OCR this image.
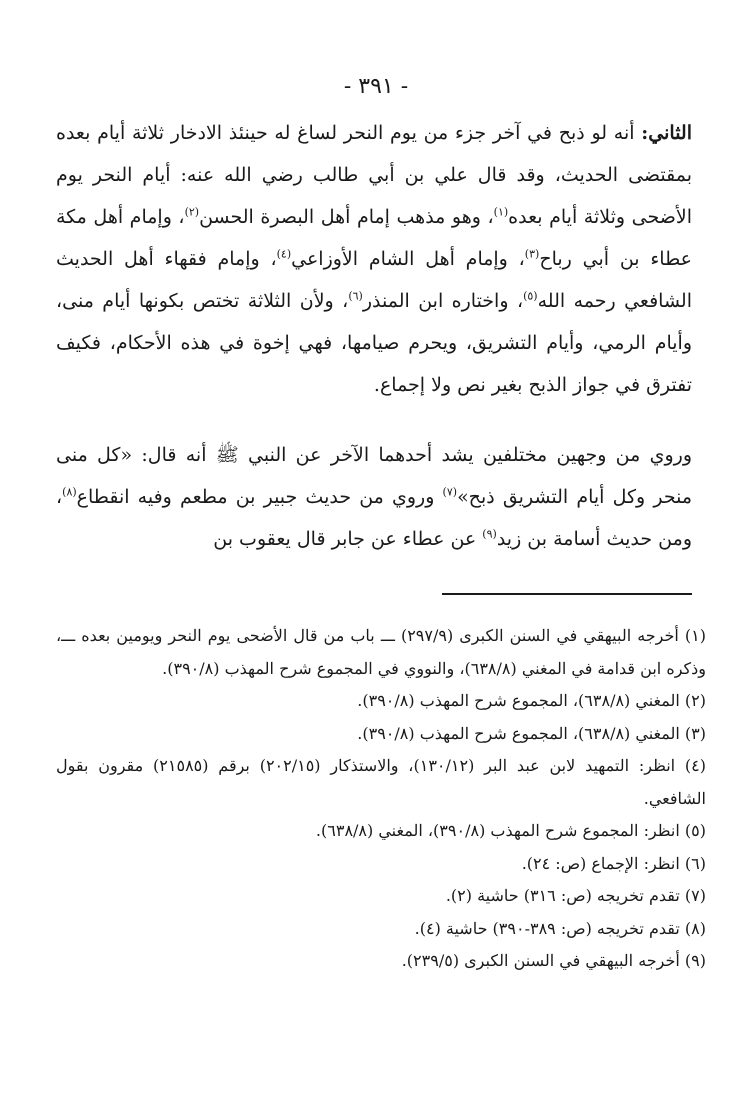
- ٣٩١ -

الثاني: أنه لو ذبح في آخر جزء من يوم النحر لساغ له حينئذ الادخار ثلاثة أيام بعده بمقتضى الحديث، وقد قال علي بن أبي طالب رضي الله عنه: أيام النحر يوم الأضحى وثلاثة أيام بعده$^{(١)}$، وهو مذهب إمام أهل البصرة الحسن$^{(٢)}$، وإمام أهل مكة عطاء بن أبي رباح$^{(٣)}$، وإمام أهل الشام الأوزاعي$^{(٤)}$، وإمام فقهاء أهل الحديث الشافعي رحمه الله$^{(٥)}$، واختاره ابن المنذر$^{(٦)}$، ولأن الثلاثة تختص بكونها أيام منى، وأيام الرمي، وأيام التشريق، ويحرم صيامها، فهي إخوة في هذه الأحكام، فكيف تفترق في جواز الذبح بغير نص ولا إجماع.

وروي من وجهين مختلفين يشد أحدهما الآخر عن النبي ﷺ أنه قال: «كل منى منحر وكل أيام التشريق ذبح»$^{(٧)}$ وروي من حديث جبير بن مطعم وفيه انقطاع$^{(٨)}$، ومن حديث أسامة بن زيد$^{(٩)}$ عن عطاء عن جابر قال يعقوب بن

(١) أخرجه البيهقي في السنن الكبرى (٢٩٧/٩) ـــ باب من قال الأضحى يوم النحر ويومين بعده ـــ، وذكره ابن قدامة في المغني (٦٣٨/٨)، والنووي في المجموع شرح المهذب (٣٩٠/٨).

(٢) المغني (٦٣٨/٨)، المجموع شرح المهذب (٣٩٠/٨).

(٣) المغني (٦٣٨/٨)، المجموع شرح المهذب (٣٩٠/٨).

(٤) انظر: التمهيد لابن عبد البر (١٣٠/١٢)، والاستذكار (٢٠٢/١٥) برقم (٢١٥٨٥) مقرون بقول الشافعي.

(٥) انظر: المجموع شرح المهذب (٣٩٠/٨)، المغني (٦٣٨/٨).

(٦) انظر: الإجماع (ص: ٢٤).

(٧) تقدم تخريجه (ص: ٣١٦) حاشية (٢).

(٨) تقدم تخريجه (ص: ٣٨٩-٣٩٠) حاشية (٤).

(٩) أخرجه البيهقي في السنن الكبرى (٢٣٩/٥).
